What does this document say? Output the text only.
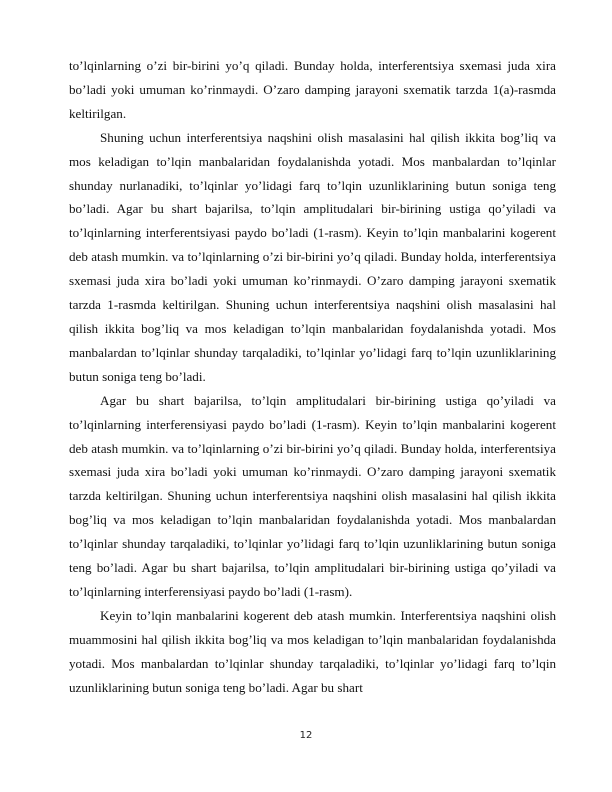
to’lqinlarning o’zi bir-birini yo’q qiladi. Bunday holda, interferentsiya sxemasi juda xira bo’ladi yoki umuman ko’rinmaydi. O’zaro damping jarayoni sxematik tarzda 1(a)-rasmda keltirilgan.

Shuning uchun interferentsiya naqshini olish masalasini hal qilish ikkita bog’liq va mos keladigan to’lqin manbalaridan foydalanishda yotadi. Mos manbalardan to’lqinlar shunday nurlanadiki, to’lqinlar yo’lidagi farq to’lqin uzunliklarining butun soniga teng bo’ladi. Agar bu shart bajarilsa, to’lqin amplitudalari bir-birining ustiga qo’yiladi va to’lqinlarning interferentsiyasi paydo bo’ladi (1-rasm). Keyin to’lqin manbalarini kogerent deb atash mumkin. va to’lqinlarning o’zi bir-birini yo’q qiladi. Bunday holda, interferentsiya sxemasi juda xira bo’ladi yoki umuman ko’rinmaydi. O’zaro damping jarayoni sxematik tarzda 1-rasmda keltirilgan. Shuning uchun interferentsiya naqshini olish masalasini hal qilish ikkita bog’liq va mos keladigan to’lqin manbalaridan foydalanishda yotadi. Mos manbalardan to’lqinlar shunday tarqaladiki, to’lqinlar yo’lidagi farq to’lqin uzunliklarining butun soniga teng bo’ladi.

Agar bu shart bajarilsa, to’lqin amplitudalari bir-birining ustiga qo’yiladi va to’lqinlarning interferensiyasi paydo bo’ladi (1-rasm). Keyin to’lqin manbalarini kogerent deb atash mumkin. va to’lqinlarning o’zi bir-birini yo’q qiladi. Bunday holda, interferentsiya sxemasi juda xira bo’ladi yoki umuman ko’rinmaydi. O’zaro damping jarayoni sxematik tarzda keltirilgan. Shuning uchun interferentsiya naqshini olish masalasini hal qilish ikkita bog’liq va mos keladigan to’lqin manbalaridan foydalanishda yotadi. Mos manbalardan to’lqinlar shunday tarqaladiki, to’lqinlar yo’lidagi farq to’lqin uzunliklarining butun soniga teng bo’ladi. Agar bu shart bajarilsa, to’lqin amplitudalari bir-birining ustiga qo’yiladi va to’lqinlarning interferensiyasi paydo bo’ladi (1-rasm).

Keyin to’lqin manbalarini kogerent deb atash mumkin. Interferentsiya naqshini olish muammosini hal qilish ikkita bog’liq va mos keladigan to’lqin manbalaridan foydalanishda yotadi. Mos manbalardan to’lqinlar shunday tarqaladiki, to’lqinlar yo’lidagi farq to’lqin uzunliklarining butun soniga teng bo’ladi. Agar bu shart

12
